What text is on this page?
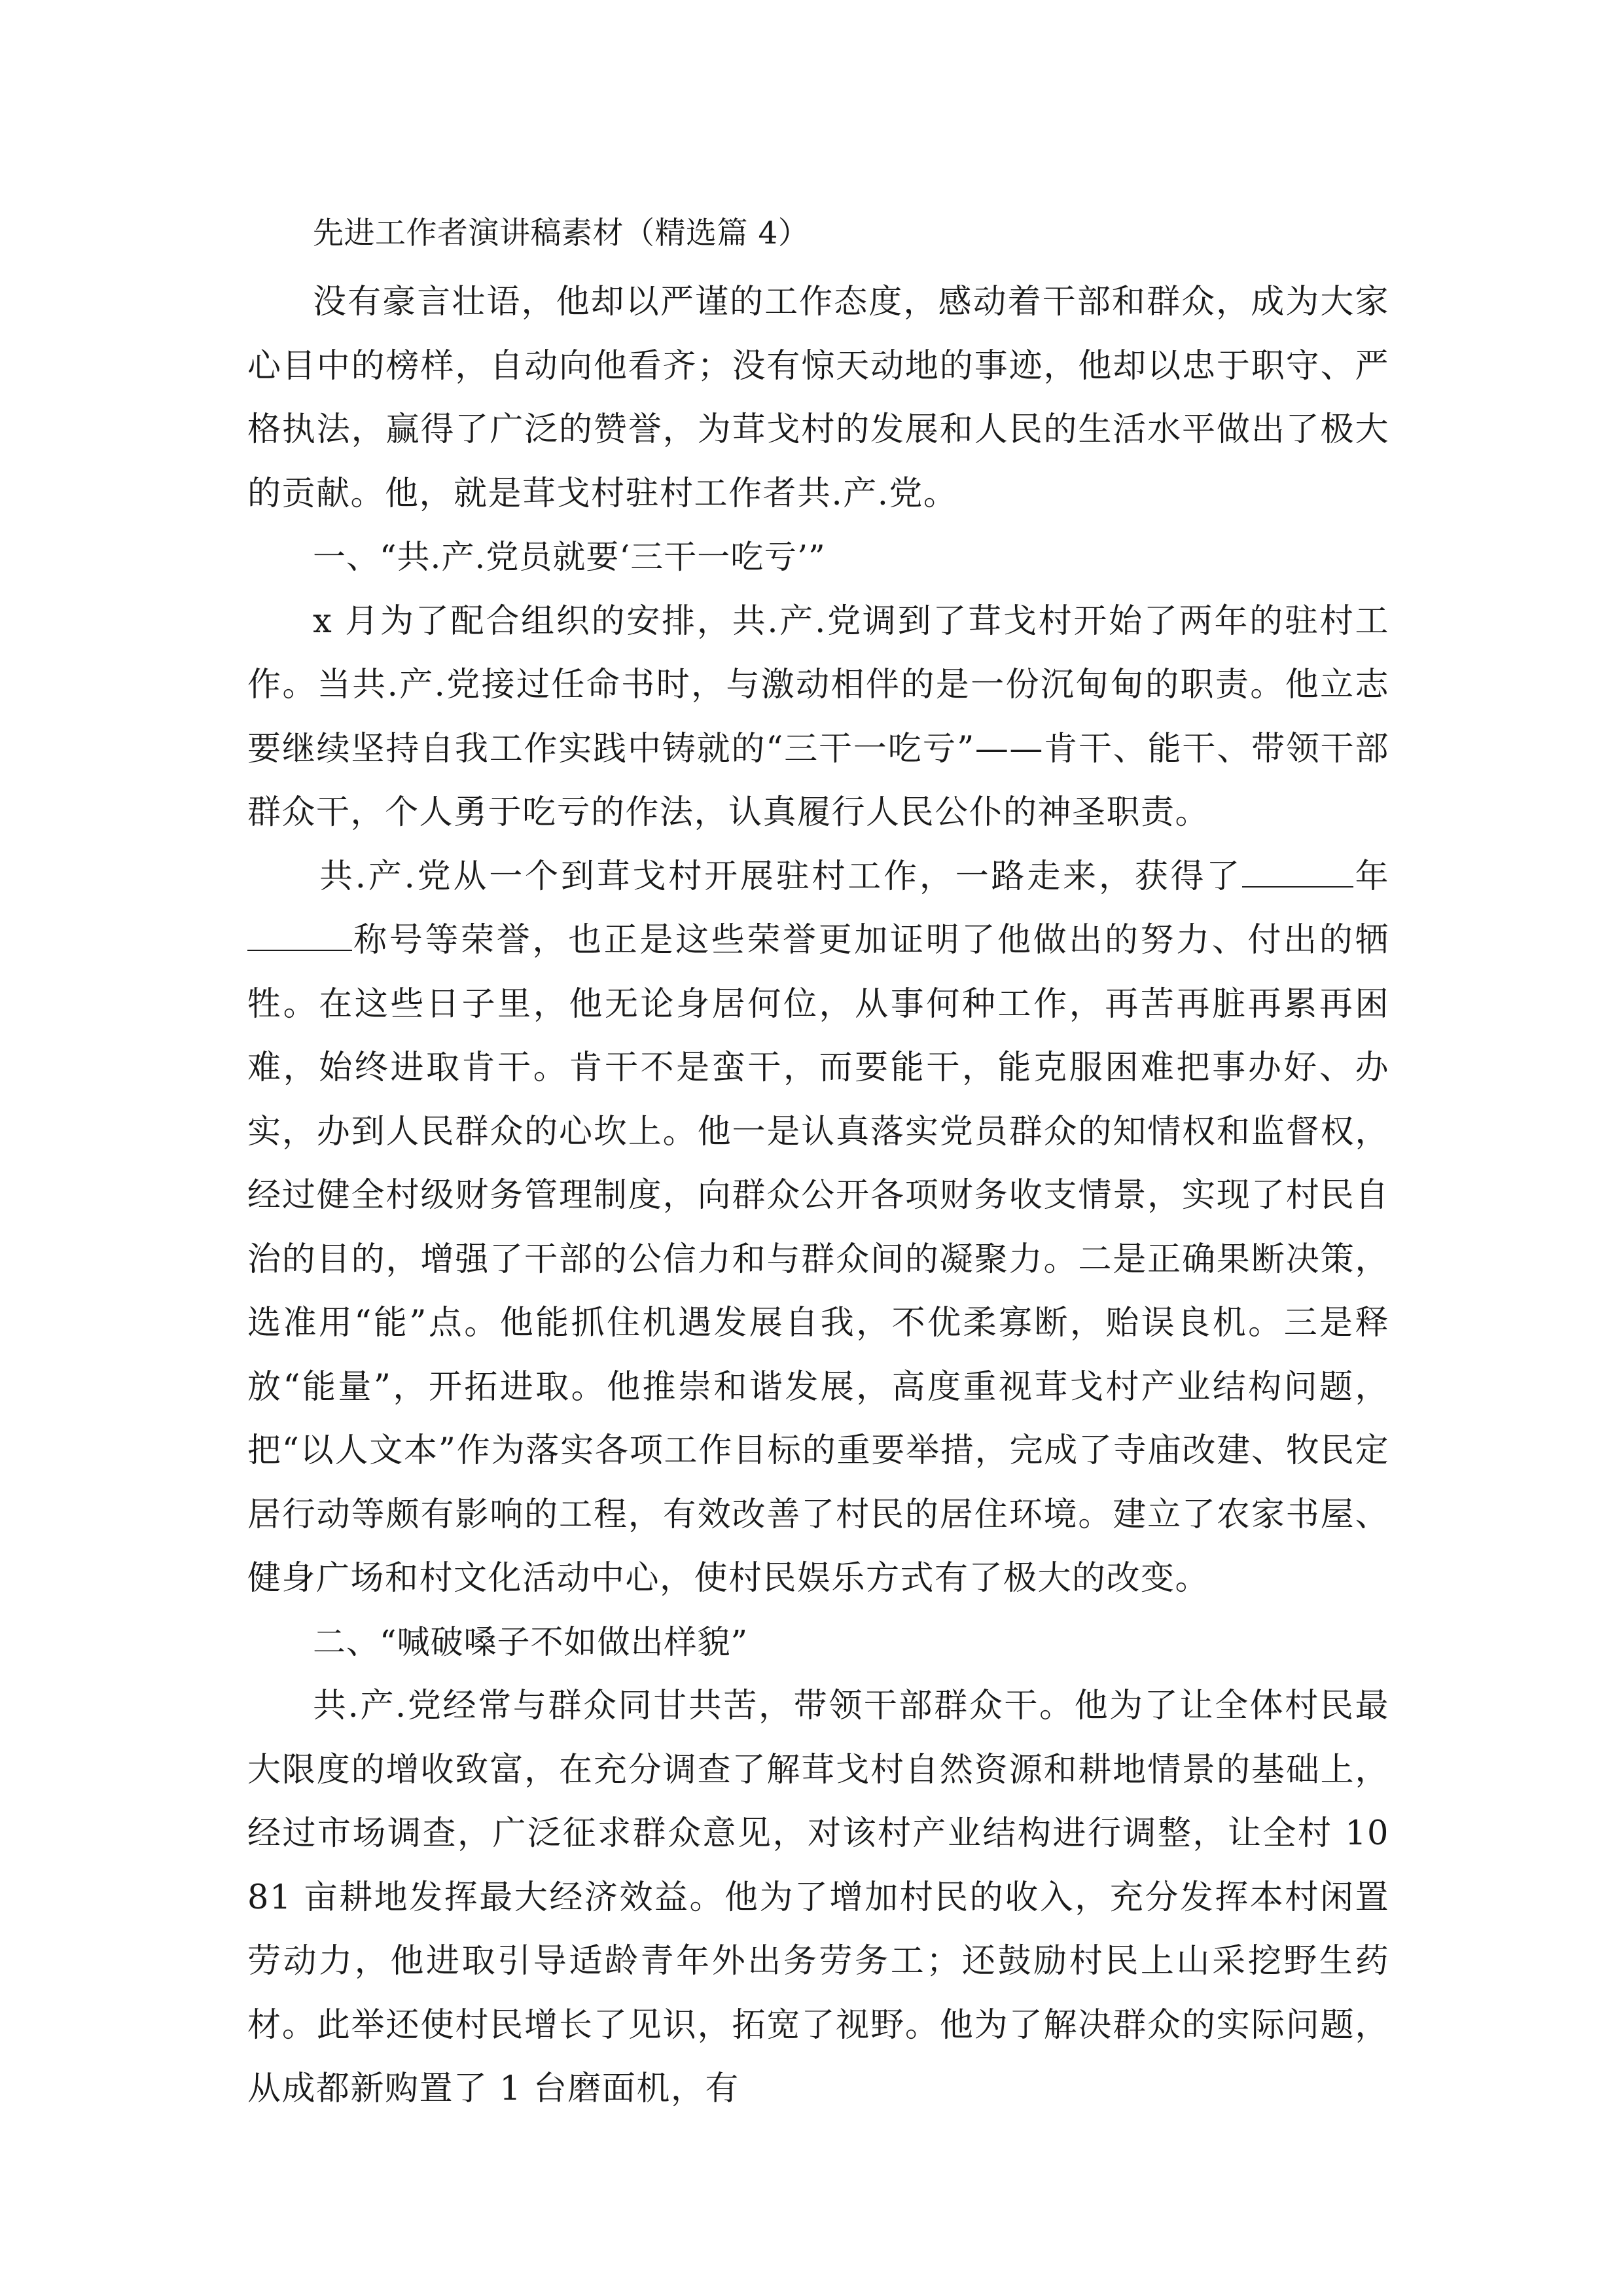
先进工作者演讲稿素材（精选篇 4）

没有豪言壮语，他却以严谨的工作态度，感动着干部和群众，成为大家心目中的榜样，自动向他看齐；没有惊天动地的事迹，他却以忠于职守、严格执法，赢得了广泛的赞誉，为茸戈村的发展和人民的生活水平做出了极大的贡献。他，就是茸戈村驻村工作者共.产.党。

一、“共.产.党员就要‘三干一吃亏’”

x 月为了配合组织的安排，共.产.党调到了茸戈村开始了两年的驻村工作。当共.产.党接过任命书时，与激动相伴的是一份沉甸甸的职责。他立志要继续坚持自我工作实践中铸就的“三干一吃亏”——肯干、能干、带领干部群众干，个人勇于吃亏的作法，认真履行人民公仆的神圣职责。

共.产.党从一个到茸戈村开展驻村工作，一路走来，获得了	年称号等荣誉，也正是这些荣誉更加证明了他做出的努力、付出的牺牲。在这些日子里，他无论身居何位，从事何种工作，再苦再脏再累再困难，始终进取肯干。肯干不是蛮干，而要能干，能克服困难把事办好、办实，办到人民群众的心坎上。他一是认真落实党员群众的知情权和监督权，经过健全村级财务管理制度，向群众公开各项财务收支情景，实现了村民自治的目的，增强了干部的公信力和与群众间的凝聚力。二是正确果断决策，选准用“能”点。他能抓住机遇发展自我，不优柔寡断，贻误良机。三是释放“能量”，开拓进取。他推崇和谐发展，高度重视茸戈村产业结构问题，把“以人文本”作为落实各项工作目标的重要举措，完成了寺庙改建、牧民定居行动等颇有影响的工程，有效改善了村民的居住环境。建立了农家书屋、健身广场和村文化活动中心，使村民娱乐方式有了极大的改变。

二、“喊破嗓子不如做出样貌”

共.产.党经常与群众同甘共苦，带领干部群众干。他为了让全体村民最大限度的增收致富，在充分调查了解茸戈村自然资源和耕地情景的基础上，经过市场调查，广泛征求群众意见，对该村产业结构进行调整，让全村 1081 亩耕地发挥最大经济效益。他为了增加村民的收入，充分发挥本村闲置劳动力，他进取引导适龄青年外出务劳务工；还鼓励村民上山采挖野生药材。此举还使村民增长了见识，拓宽了视野。他为了解决群众的实际问题，从成都新购置了 1 台磨面机，有
